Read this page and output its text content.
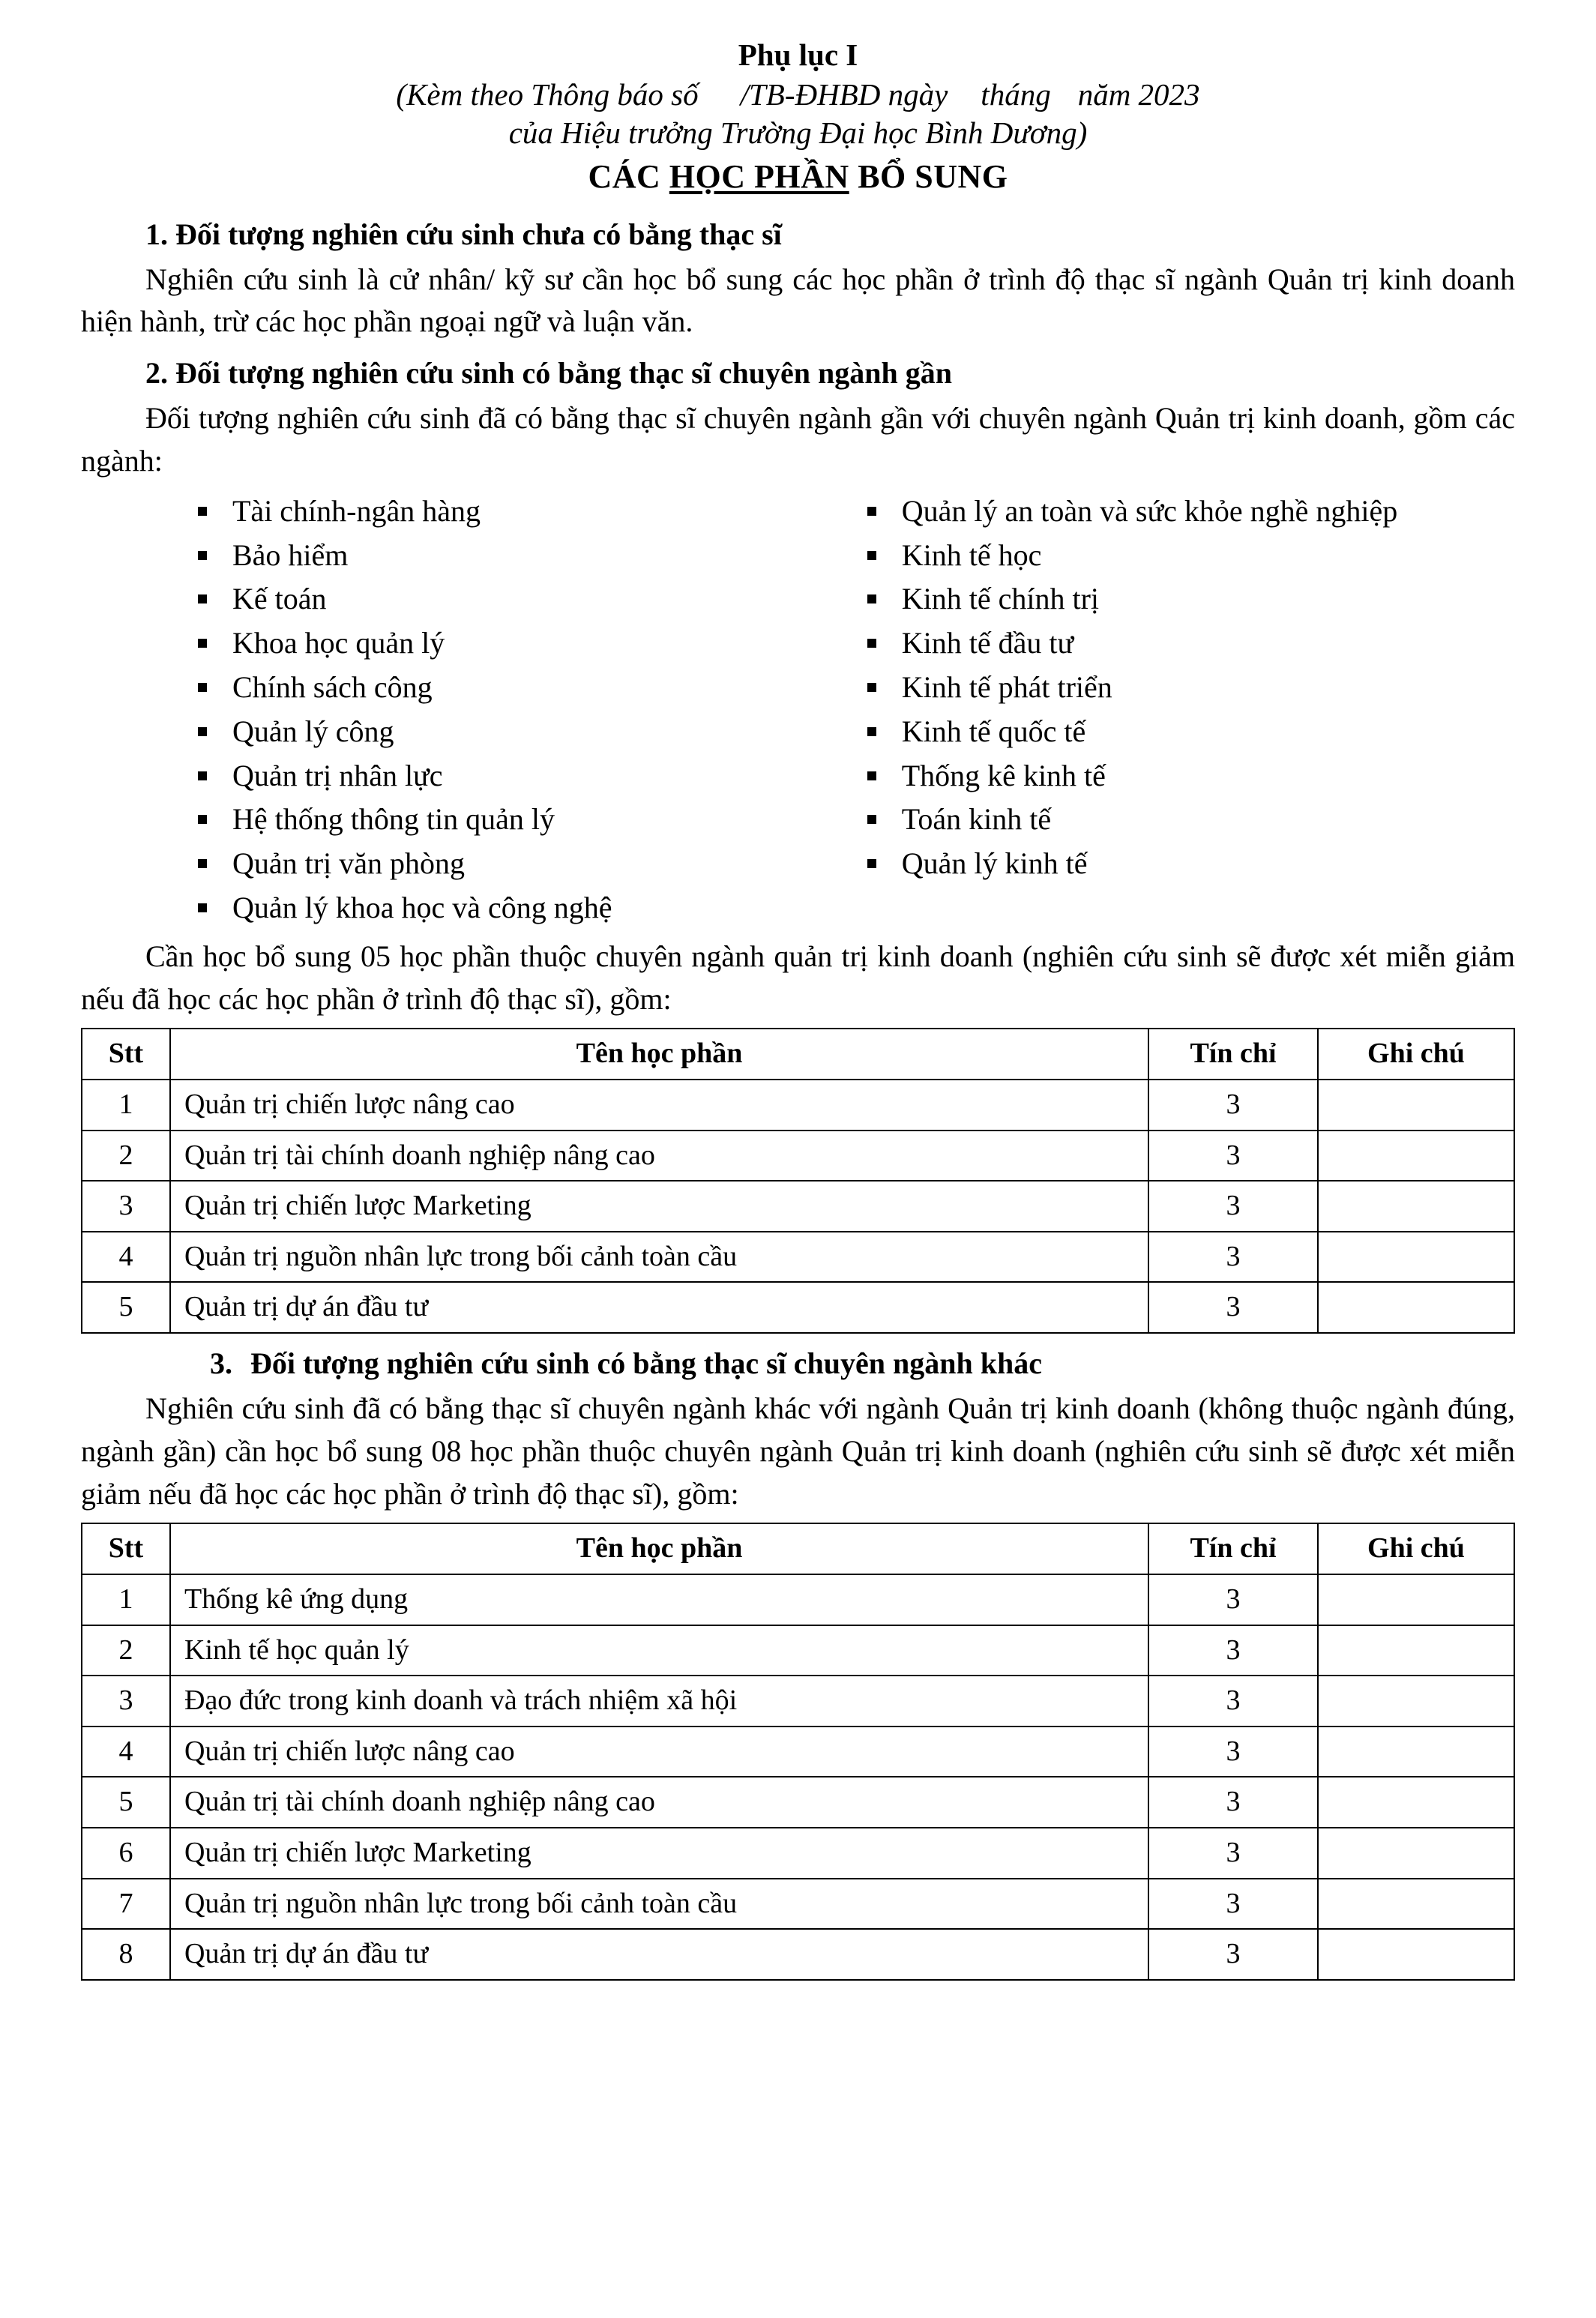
Phụ lục I
(Kèm theo Thông báo số /TB-ĐHBD ngày tháng năm 2023
của Hiệu trưởng Trường Đại học Bình Dương)
CÁC HỌC PHẦN BỔ SUNG
1. Đối tượng nghiên cứu sinh chưa có bằng thạc sĩ
Nghiên cứu sinh là cử nhân/ kỹ sư cần học bổ sung các học phần ở trình độ thạc sĩ ngành Quản trị kinh doanh hiện hành, trừ các học phần ngoại ngữ và luận văn.
2. Đối tượng nghiên cứu sinh có bằng thạc sĩ chuyên ngành gần
Đối tượng nghiên cứu sinh đã có bằng thạc sĩ chuyên ngành gần với chuyên ngành Quản trị kinh doanh, gồm các ngành:
Tài chính-ngân hàng
Bảo hiểm
Kế toán
Khoa học quản lý
Chính sách công
Quản lý công
Quản trị nhân lực
Hệ thống thông tin quản lý
Quản trị văn phòng
Quản lý khoa học và công nghệ
Quản lý an toàn và sức khỏe nghề nghiệp
Kinh tế học
Kinh tế chính trị
Kinh tế đầu tư
Kinh tế phát triển
Kinh tế quốc tế
Thống kê kinh tế
Toán kinh tế
Quản lý kinh tế
Cần học bổ sung 05 học phần thuộc chuyên ngành quản trị kinh doanh (nghiên cứu sinh sẽ được xét miễn giảm nếu đã học các học phần ở trình độ thạc sĩ), gồm:
Stt	Tên học phần	Tín chỉ	Ghi chú
1	Quản trị chiến lược nâng cao	3	
2	Quản trị tài chính doanh nghiệp nâng cao	3	
3	Quản trị chiến lược Marketing	3	
4	Quản trị nguồn nhân lực trong bối cảnh toàn cầu	3	
5	Quản trị dự án đầu tư	3	
3. Đối tượng nghiên cứu sinh có bằng thạc sĩ chuyên ngành khác
Nghiên cứu sinh đã có bằng thạc sĩ chuyên ngành khác với ngành Quản trị kinh doanh (không thuộc ngành đúng, ngành gần) cần học bổ sung 08 học phần thuộc chuyên ngành Quản trị kinh doanh (nghiên cứu sinh sẽ được xét miễn giảm nếu đã học các học phần ở trình độ thạc sĩ), gồm:
Stt	Tên học phần	Tín chỉ	Ghi chú
1	Thống kê ứng dụng	3	
2	Kinh tế học quản lý	3	
3	Đạo đức trong kinh doanh và trách nhiệm xã hội	3	
4	Quản trị chiến lược nâng cao	3	
5	Quản trị tài chính doanh nghiệp nâng cao	3	
6	Quản trị chiến lược Marketing	3	
7	Quản trị nguồn nhân lực trong bối cảnh toàn cầu	3	
8	Quản trị dự án đầu tư	3	
